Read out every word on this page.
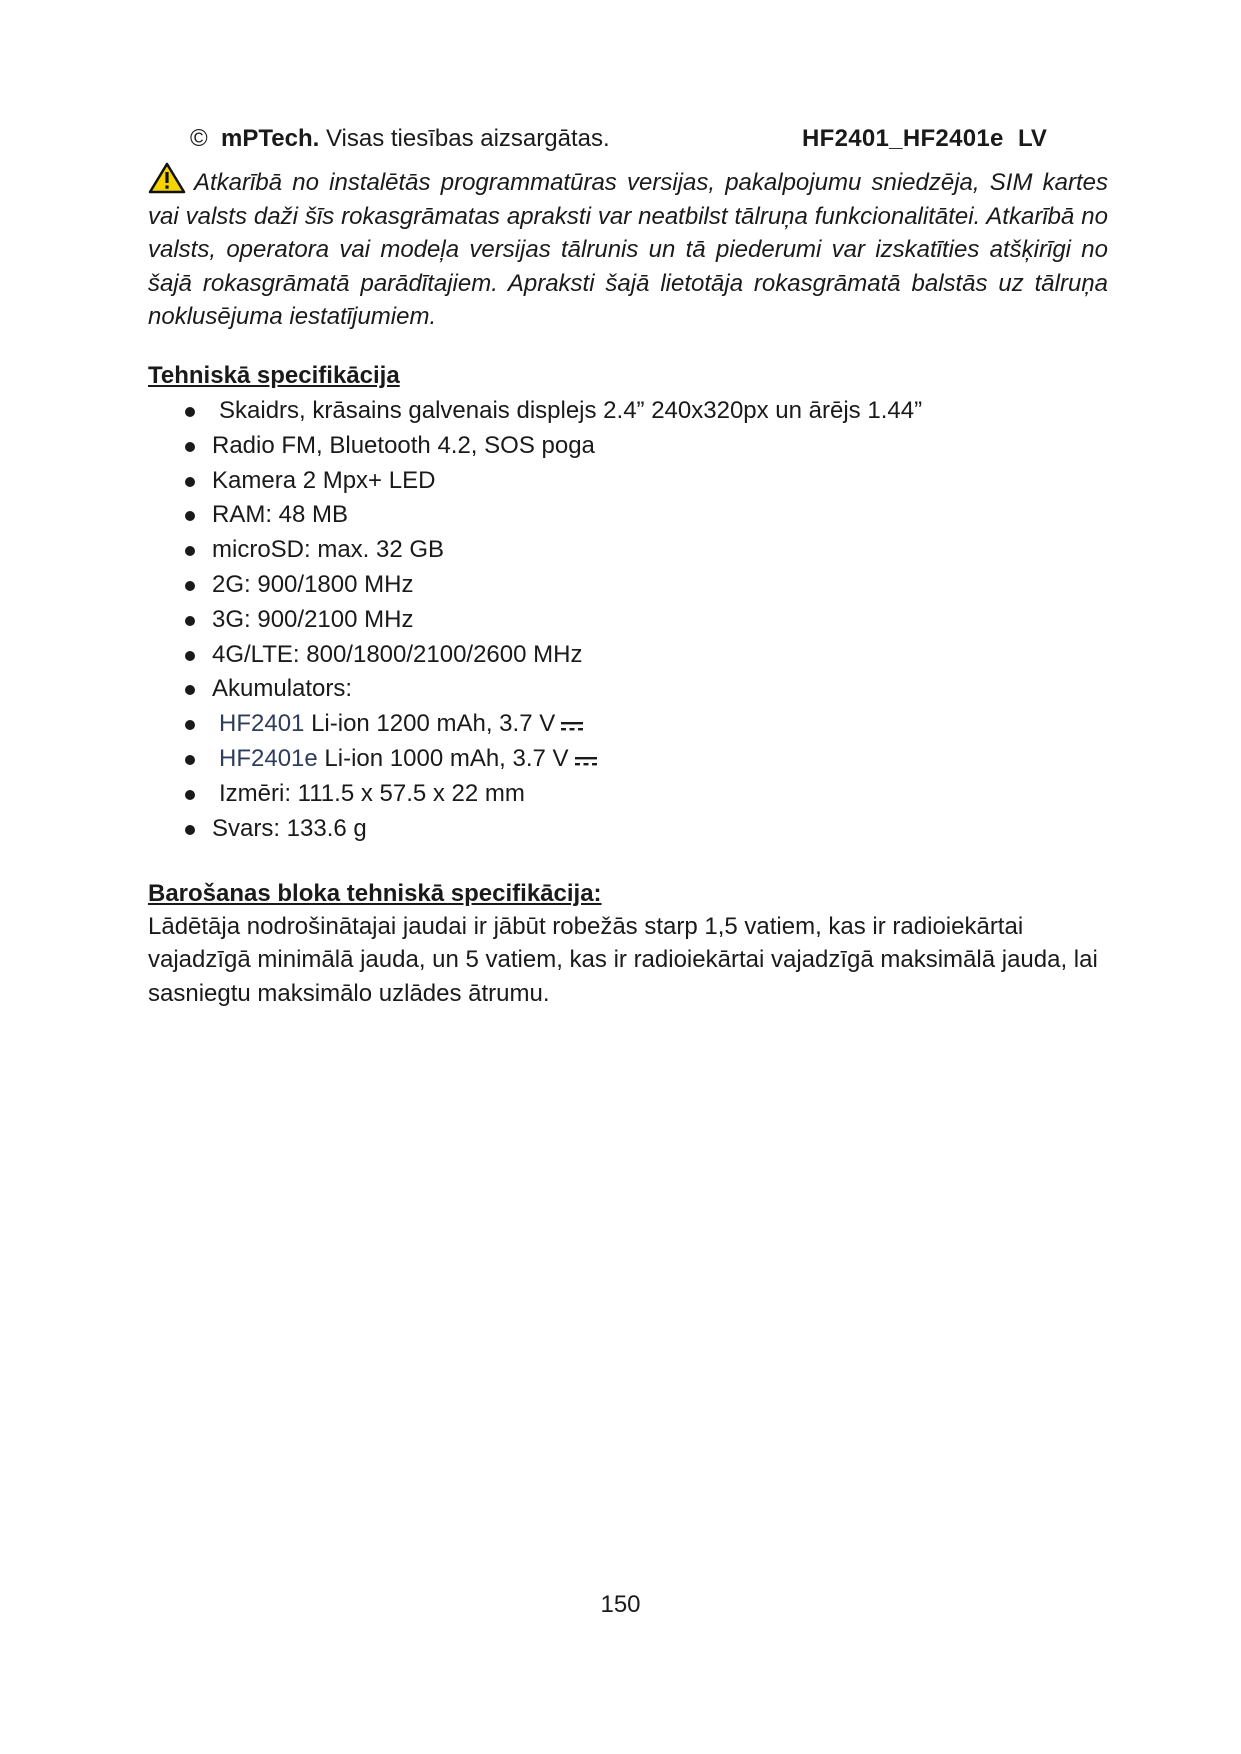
© mPTech. Visas tiesības aizsargātas.	HF2401_HF2401e LV
Atkarībā no instalētās programmatūras versijas, pakalpojumu sniedzēja, SIM kartes vai valsts daži šīs rokasgrāmatas apraksti var neatbilst tālruņa funkcionalitātei. Atkarībā no valsts, operatora vai modeļa versijas tālrunis un tā piederumi var izskatīties atšķirīgi no šajā rokasgrāmatā parādītajiem. Apraksti šajā lietotāja rokasgrāmatā balstās uz tālruņa noklusējuma iestatījumiem.
Tehniskā specifikācija
Skaidrs, krāsains galvenais displejs 2.4” 240x320px un ārējs 1.44”
Radio FM, Bluetooth 4.2, SOS poga
Kamera 2 Mpx+ LED
RAM: 48 MB
microSD: max. 32 GB
2G: 900/1800 MHz
3G: 900/2100 MHz
4G/LTE: 800/1800/2100/2600 MHz
Akumulators:
HF2401 Li-ion 1200 mAh, 3.7 V
HF2401e Li-ion 1000 mAh, 3.7 V
Izmēri: 111.5 x 57.5 x 22 mm
Svars: 133.6 g
Barošanas bloka tehniskā specifikācija:
Lādētāja nodrošinātajai jaudai ir jābūt robežās starp 1,5 vatiem, kas ir radioiekārtai vajadzīgā minimālā jauda, un 5 vatiem, kas ir radioiekārtai vajadzīgā maksimālā jauda, lai sasniegtu maksimālo uzlādes ātrumu.
150
